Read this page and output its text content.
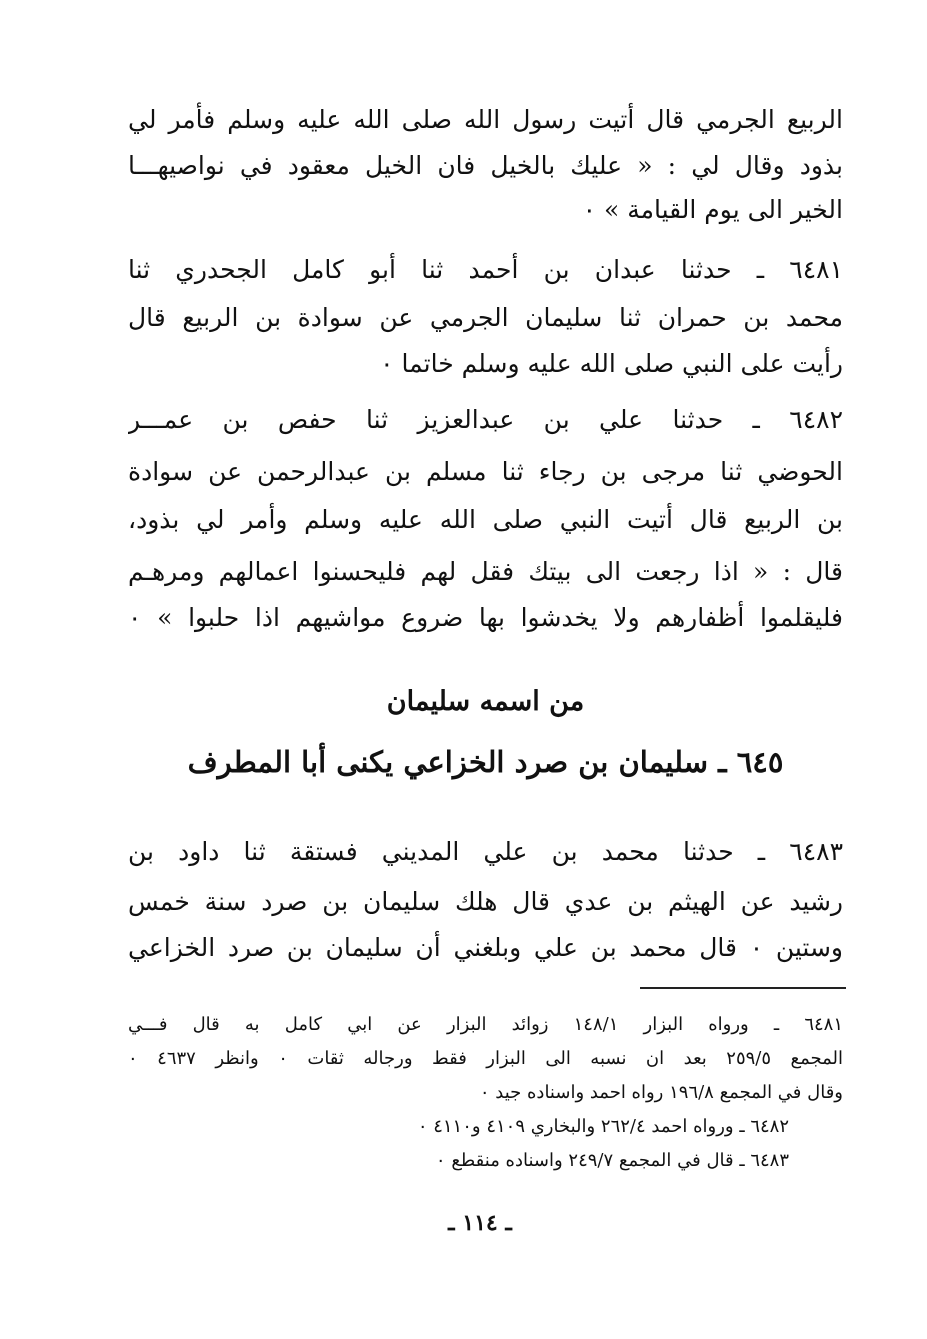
الربيع الجرمي قال أتيت رسول الله صلى الله عليه وسلم فأمر لي
بذود وقال لي : « عليك بالخيل فان الخيل معقود في نواصيهـــا
الخير الى يوم القيامة » ٠
٦٤٨١ ـ حدثنا عبدان بن أحمد ثنا أبو كامل الجحدري ثنا
محمد بن حمران ثنا سليمان الجرمي عن سوادة بن الربيع قال
رأيت على النبي صلى الله عليه وسلم خاتما ٠
٦٤٨٢ ـ حدثنا علي بن عبدالعزيز ثنا حفص بن عمـــر
الحوضي ثنا مرجى بن رجاء ثنا مسلم بن عبدالرحمن عن سوادة
بن الربيع قال أتيت النبي صلى الله عليه وسلم وأمر لي بذود،
قال : « اذا رجعت الى بيتك فقل لهم فليحسنوا اعمالهم ومرهـم
فليقلموا أظفارهم ولا يخدشوا بها ضروع مواشيهم اذا حلبوا » ٠
من اسمه سليمان
٦٤٥ ـ سليمان بن صرد الخزاعي يكنى أبا المطرف
٦٤٨٣ ـ حدثنا محمد بن علي المديني فستقة ثنا داود بن
رشيد عن الهيثم بن عدي قال هلك سليمان بن صرد سنة خمس
وستين ٠ قال محمد بن علي وبلغني أن سليمان بن صرد الخزاعي
٦٤٨١ ـ ورواه البزار ١٤٨/١ زوائد البزار عن ابي كامل به قال فـــي
المجمع ٢٥٩/٥ بعد ان نسبه الى البزار فقط ورجاله ثقات ٠ وانظر ٤٦٣٧ ٠
وقال في المجمع ١٩٦/٨ رواه احمد واسناده جيد ٠
٦٤٨٢ ـ ورواه احمد ٢٦٢/٤ والبخاري ٤١٠٩ و٤١١٠ ٠
٦٤٨٣ ـ قال في المجمع ٢٤٩/٧ واسناده منقطع ٠
ـ ١١٤ ـ
